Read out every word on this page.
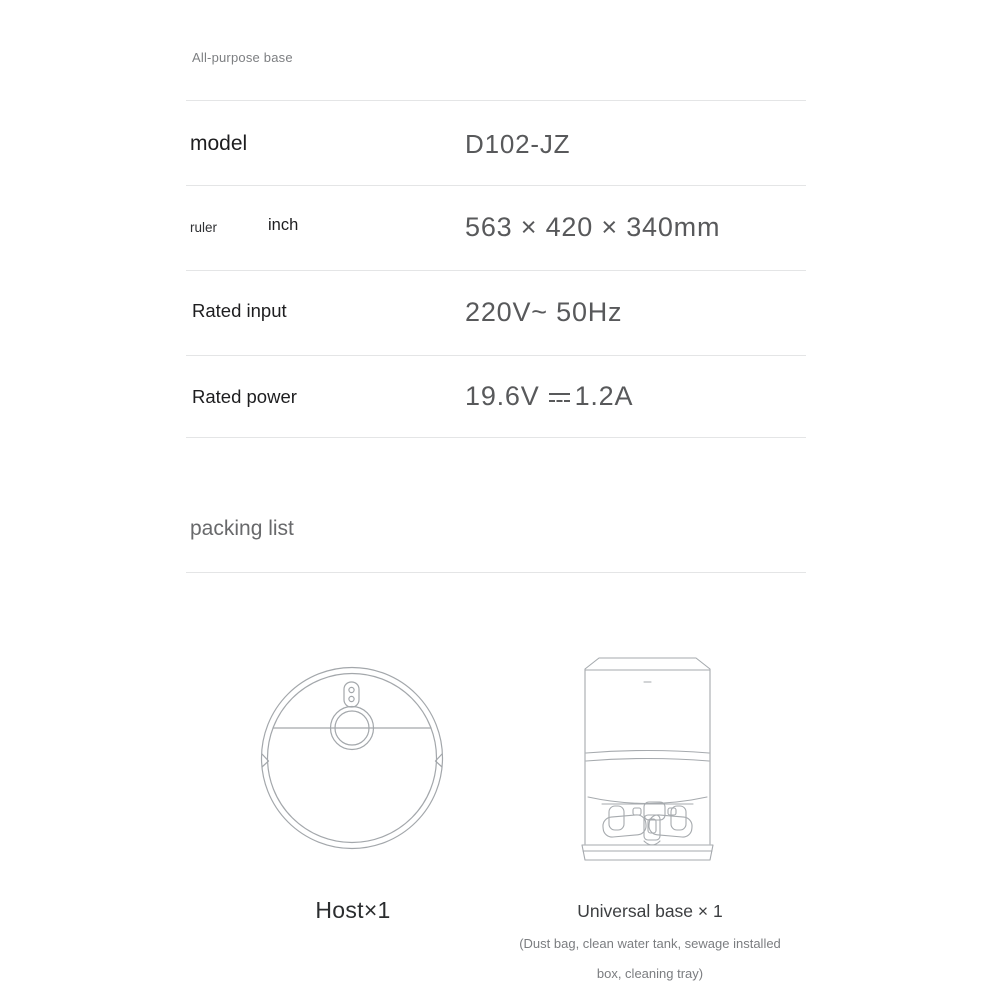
All-purpose base
model	D102-JZ
ruler	inch	563 × 420 × 340mm
Rated input	220V~ 50Hz
Rated power	19.6V 1.2A
packing list
Host×1	Universal base × 1
(Dust bag, clean water tank, sewage installed
box, cleaning tray)
